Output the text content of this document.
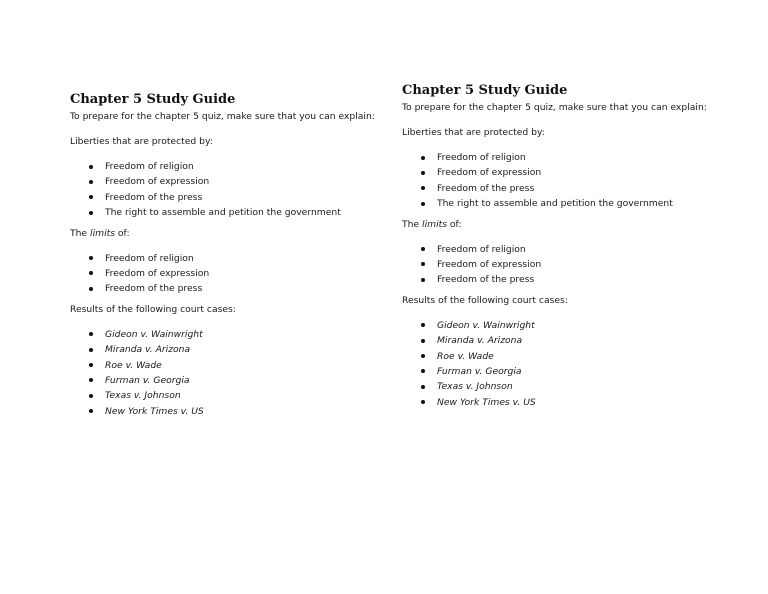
Chapter 5 Study Guide

To prepare for the chapter 5 quiz, make sure that you can explain:

Liberties that are protected by:

Freedom of religion
Freedom of expression
Freedom of the press
The right to assemble and petition the government

The limits of:

Freedom of religion
Freedom of expression
Freedom of the press

Results of the following court cases:

Gideon v. Wainwright
Miranda v. Arizona
Roe v. Wade
Furman v. Georgia
Texas v. Johnson
New York Times v. US
Chapter 5 Study Guide

To prepare for the chapter 5 quiz, make sure that you can explain:

Liberties that are protected by:

Freedom of religion
Freedom of expression
Freedom of the press
The right to assemble and petition the government

The limits of:

Freedom of religion
Freedom of expression
Freedom of the press

Results of the following court cases:

Gideon v. Wainwright
Miranda v. Arizona
Roe v. Wade
Furman v. Georgia
Texas v. Johnson
New York Times v. US
